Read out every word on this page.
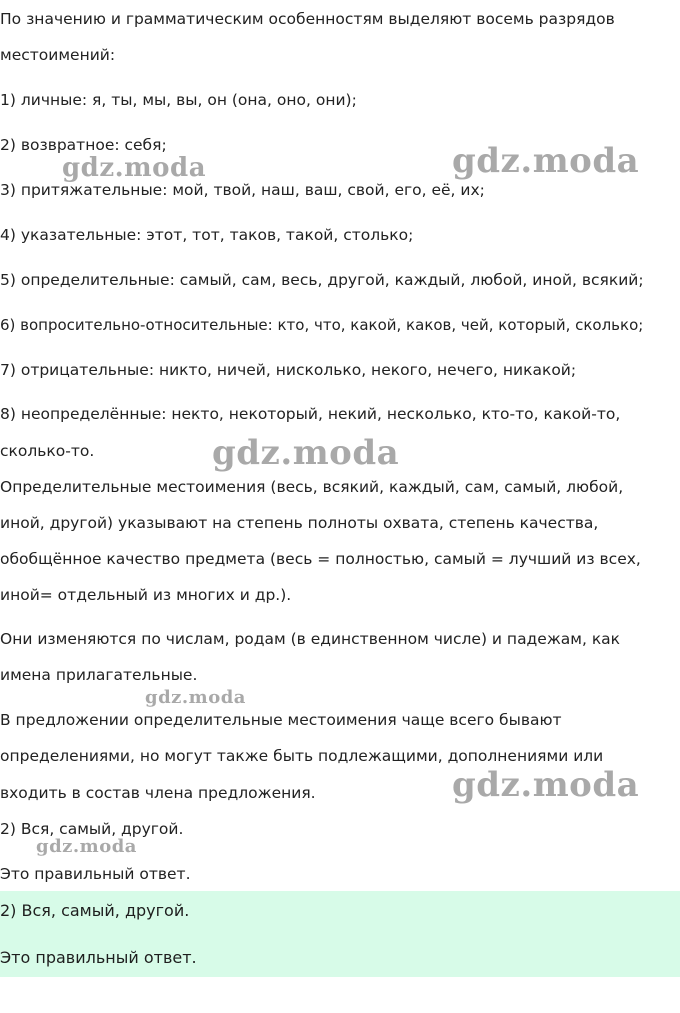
По значению и грамматическим особенностям выделяют восемь разрядов

местоимений:

1) личные: я, ты, мы, вы, он (она, оно, они);

2) возвратное: себя;

3) притяжательные: мой, твой, наш, ваш, свой, его, её, их;

4) указательные: этот, тот, таков, такой, столько;

5) определительные: самый, сам, весь, другой, каждый, любой, иной, всякий;

6) вопросительно-относительные: кто, что, какой, каков, чей, который, сколько;

7) отрицательные: никто, ничей, нисколько, некого, нечего, никакой;

8) неопределённые: некто, некоторый, некий, несколько, кто-то, какой-то,

сколько-то.

Определительные местоимения (весь, всякий, каждый, сам, самый, любой,

иной, другой) указывают на степень полноты охвата, степень качества,

обобщённое качество предмета (весь = полностью, самый = лучший из всех,

иной= отдельный из многих и др.).

Они изменяются по числам, родам (в единственном числе) и падежам, как

имена прилагательные.

В предложении определительные местоимения чаще всего бывают

определениями, но могут также быть подлежащими, дополнениями или

входить в состав члена предложения.

2) Вся, самый, другой.

Это правильный ответ.

2) Вся, самый, другой.

Это правильный ответ.

gdz.moda	gdz.moda
gdz.moda
gdz.moda
gdz.moda
gdz.moda
